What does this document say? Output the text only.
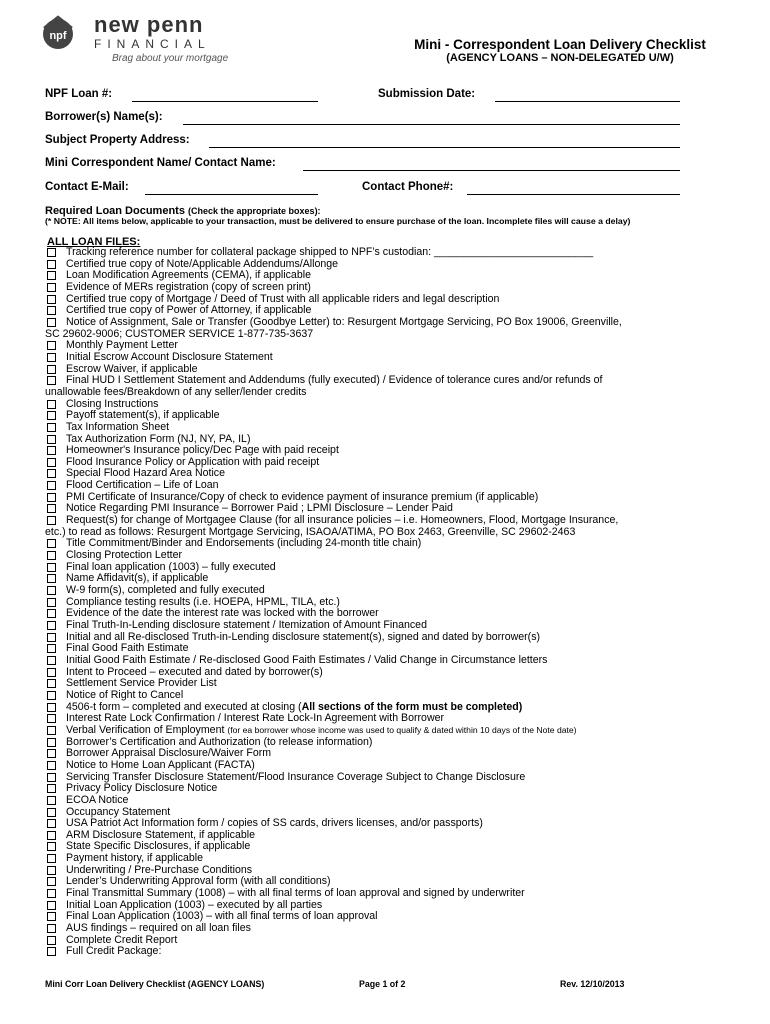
npf new penn
FINANCIAL
Brag about your mortgage
Mini - Correspondent Loan Delivery Checklist
(AGENCY LOANS – NON-DELEGATED U/W)
NPF Loan #:	Submission Date:
Borrower(s) Name(s):
Subject Property Address:
Mini Correspondent Name/ Contact Name:
Contact E-Mail:	Contact Phone#:
Required Loan Documents (Check the appropriate boxes):
(* NOTE: All items below, applicable to your transaction, must be delivered to ensure purchase of the loan. Incomplete files will cause a delay)
ALL LOAN FILES:
Tracking reference number for collateral package shipped to NPF’s custodian: ___________________________
Certified true copy of Note/Applicable Addendums/Allonge
Loan Modification Agreements (CEMA), if applicable
Evidence of MERs registration (copy of screen print)
Certified true copy of Mortgage / Deed of Trust with all applicable riders and legal description
Certified true copy of Power of Attorney, if applicable
Notice of Assignment, Sale or Transfer (Goodbye Letter) to: Resurgent Mortgage Servicing, PO Box 19006, Greenville,
SC 29602-9006; CUSTOMER SERVICE 1-877-735-3637
Monthly Payment Letter
Initial Escrow Account Disclosure Statement
Escrow Waiver, if applicable
Final HUD I Settlement Statement and Addendums (fully executed) / Evidence of tolerance cures and/or refunds of
unallowable fees/Breakdown of any seller/lender credits
Closing Instructions
Payoff statement(s), if applicable
Tax Information Sheet
Tax Authorization Form (NJ, NY, PA, IL)
Homeowner's Insurance policy/Dec Page with paid receipt
Flood Insurance Policy or Application with paid receipt
Special Flood Hazard Area Notice
Flood Certification – Life of Loan
PMI Certificate of Insurance/Copy of check to evidence payment of insurance premium (if applicable)
Notice Regarding PMI Insurance – Borrower Paid ; LPMI Disclosure – Lender Paid
Request(s) for change of Mortgagee Clause (for all insurance policies – i.e. Homeowners, Flood, Mortgage Insurance,
etc.) to read as follows: Resurgent Mortgage Servicing, ISAOA/ATIMA, PO Box 2463, Greenville, SC 29602-2463
Title Commitment/Binder and Endorsements (including 24-month title chain)
Closing Protection Letter
Final loan application (1003) – fully executed
Name Affidavit(s), if applicable
W-9 form(s), completed and fully executed
Compliance testing results (i.e. HOEPA, HPML, TILA, etc.)
Evidence of the date the interest rate was locked with the borrower
Final Truth-In-Lending disclosure statement / Itemization of Amount Financed
Initial and all Re-disclosed Truth-in-Lending disclosure statement(s), signed and dated by borrower(s)
Final Good Faith Estimate
Initial Good Faith Estimate / Re-disclosed Good Faith Estimates / Valid Change in Circumstance letters
Intent to Proceed – executed and dated by borrower(s)
Settlement Service Provider List
Notice of Right to Cancel
4506-t form – completed and executed at closing (All sections of the form must be completed)
Interest Rate Lock Confirmation / Interest Rate Lock-In Agreement with Borrower
Verbal Verification of Employment (for ea borrower whose income was used to qualify & dated within 10 days of the Note date)
Borrower’s Certification and Authorization (to release information)
Borrower Appraisal Disclosure/Waiver Form
Notice to Home Loan Applicant (FACTA)
Servicing Transfer Disclosure Statement/Flood Insurance Coverage Subject to Change Disclosure
Privacy Policy Disclosure Notice
ECOA Notice
Occupancy Statement
USA Patriot Act Information form / copies of SS cards, drivers licenses, and/or passports)
ARM Disclosure Statement, if applicable
State Specific Disclosures, if applicable
Payment history, if applicable
Underwriting / Pre-Purchase Conditions
Lender’s Underwriting Approval form (with all conditions)
Final Transmittal Summary (1008) – with all final terms of loan approval and signed by underwriter
Initial Loan Application (1003) – executed by all parties
Final Loan Application (1003) – with all final terms of loan approval
AUS findings – required on all loan files
Complete Credit Report
Full Credit Package:
Mini Corr Loan Delivery Checklist (AGENCY LOANS)	Page 1 of 2	Rev. 12/10/2013
